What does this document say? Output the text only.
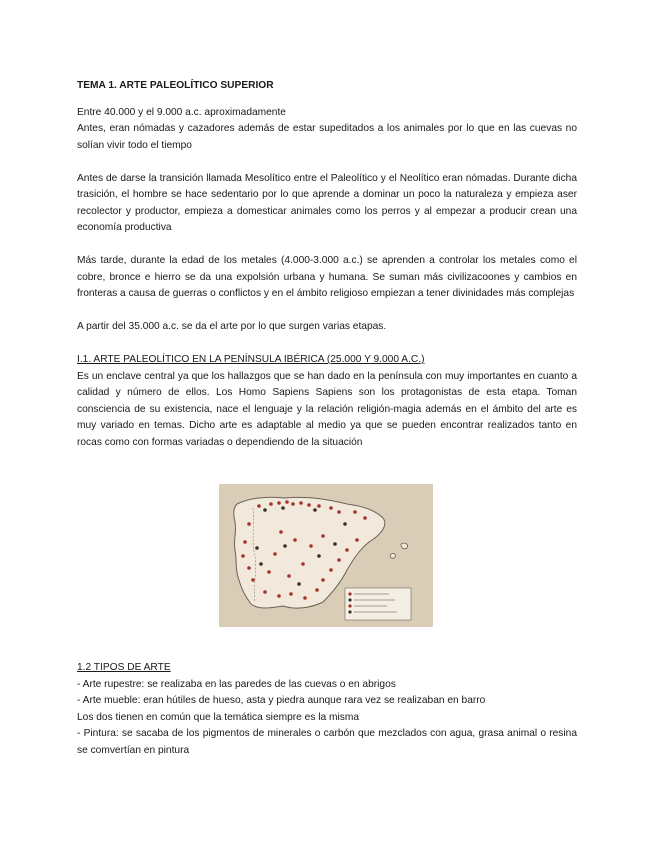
TEMA 1. ARTE PALEOLÍTICO SUPERIOR

Entre 40.000 y el 9.000 a.c. aproximadamente

Antes, eran nómadas y cazadores además de estar supeditados a los animales por lo que en las cuevas no solían vivir todo el tiempo

Antes de darse la transición llamada Mesolítico entre el Paleolítico y el Neolítico eran nómadas. Durante dicha trasición, el hombre se hace sedentario por lo que aprende a dominar un poco la naturaleza y empieza aser recolector y productor, empieza a domesticar animales como los perros y al empezar a producir crean una economía productiva

Más tarde, durante la edad de los metales (4.000-3.000 a.c.) se aprenden a controlar los metales como el cobre, bronce e hierro se da una expolsión urbana y humana. Se suman más civilizacoones y cambios en fronteras a causa de guerras o conflictos y en el ámbito religioso empiezan a tener divinidades más complejas

A partir del 35.000 a.c. se da el arte por lo que surgen varias etapas.

I.1. ARTE PALEOLÍTICO EN LA PENÍNSULA IBÉRICA (25.000 Y 9.000 A.C.)

Es un enclave central ya que los hallazgos que se han dado en la península con muy importantes en cuanto a calidad y número de ellos. Los Homo Sapiens Sapiens son los protagonistas de esta etapa. Toman consciencia de su existencia, nace el lenguaje y la relación religión-magia además en el ámbito del arte es muy variado en temas. Dicho arte es adaptable al medio ya que se pueden encontrar realizados tanto en rocas como con formas variadas o dependiendo de la situación

1.2 TIPOS DE ARTE

- Arte rupestre: se realizaba en las paredes de las cuevas o en abrigos

- Arte mueble: eran hútiles de hueso, asta y piedra aunque rara vez se realizaban en barro

Los dos tienen en común que la temática siempre es la misma

- Pintura: se sacaba de los pigmentos de minerales o carbón que mezclados con agua, grasa animal o resina se comvertían en pintura
